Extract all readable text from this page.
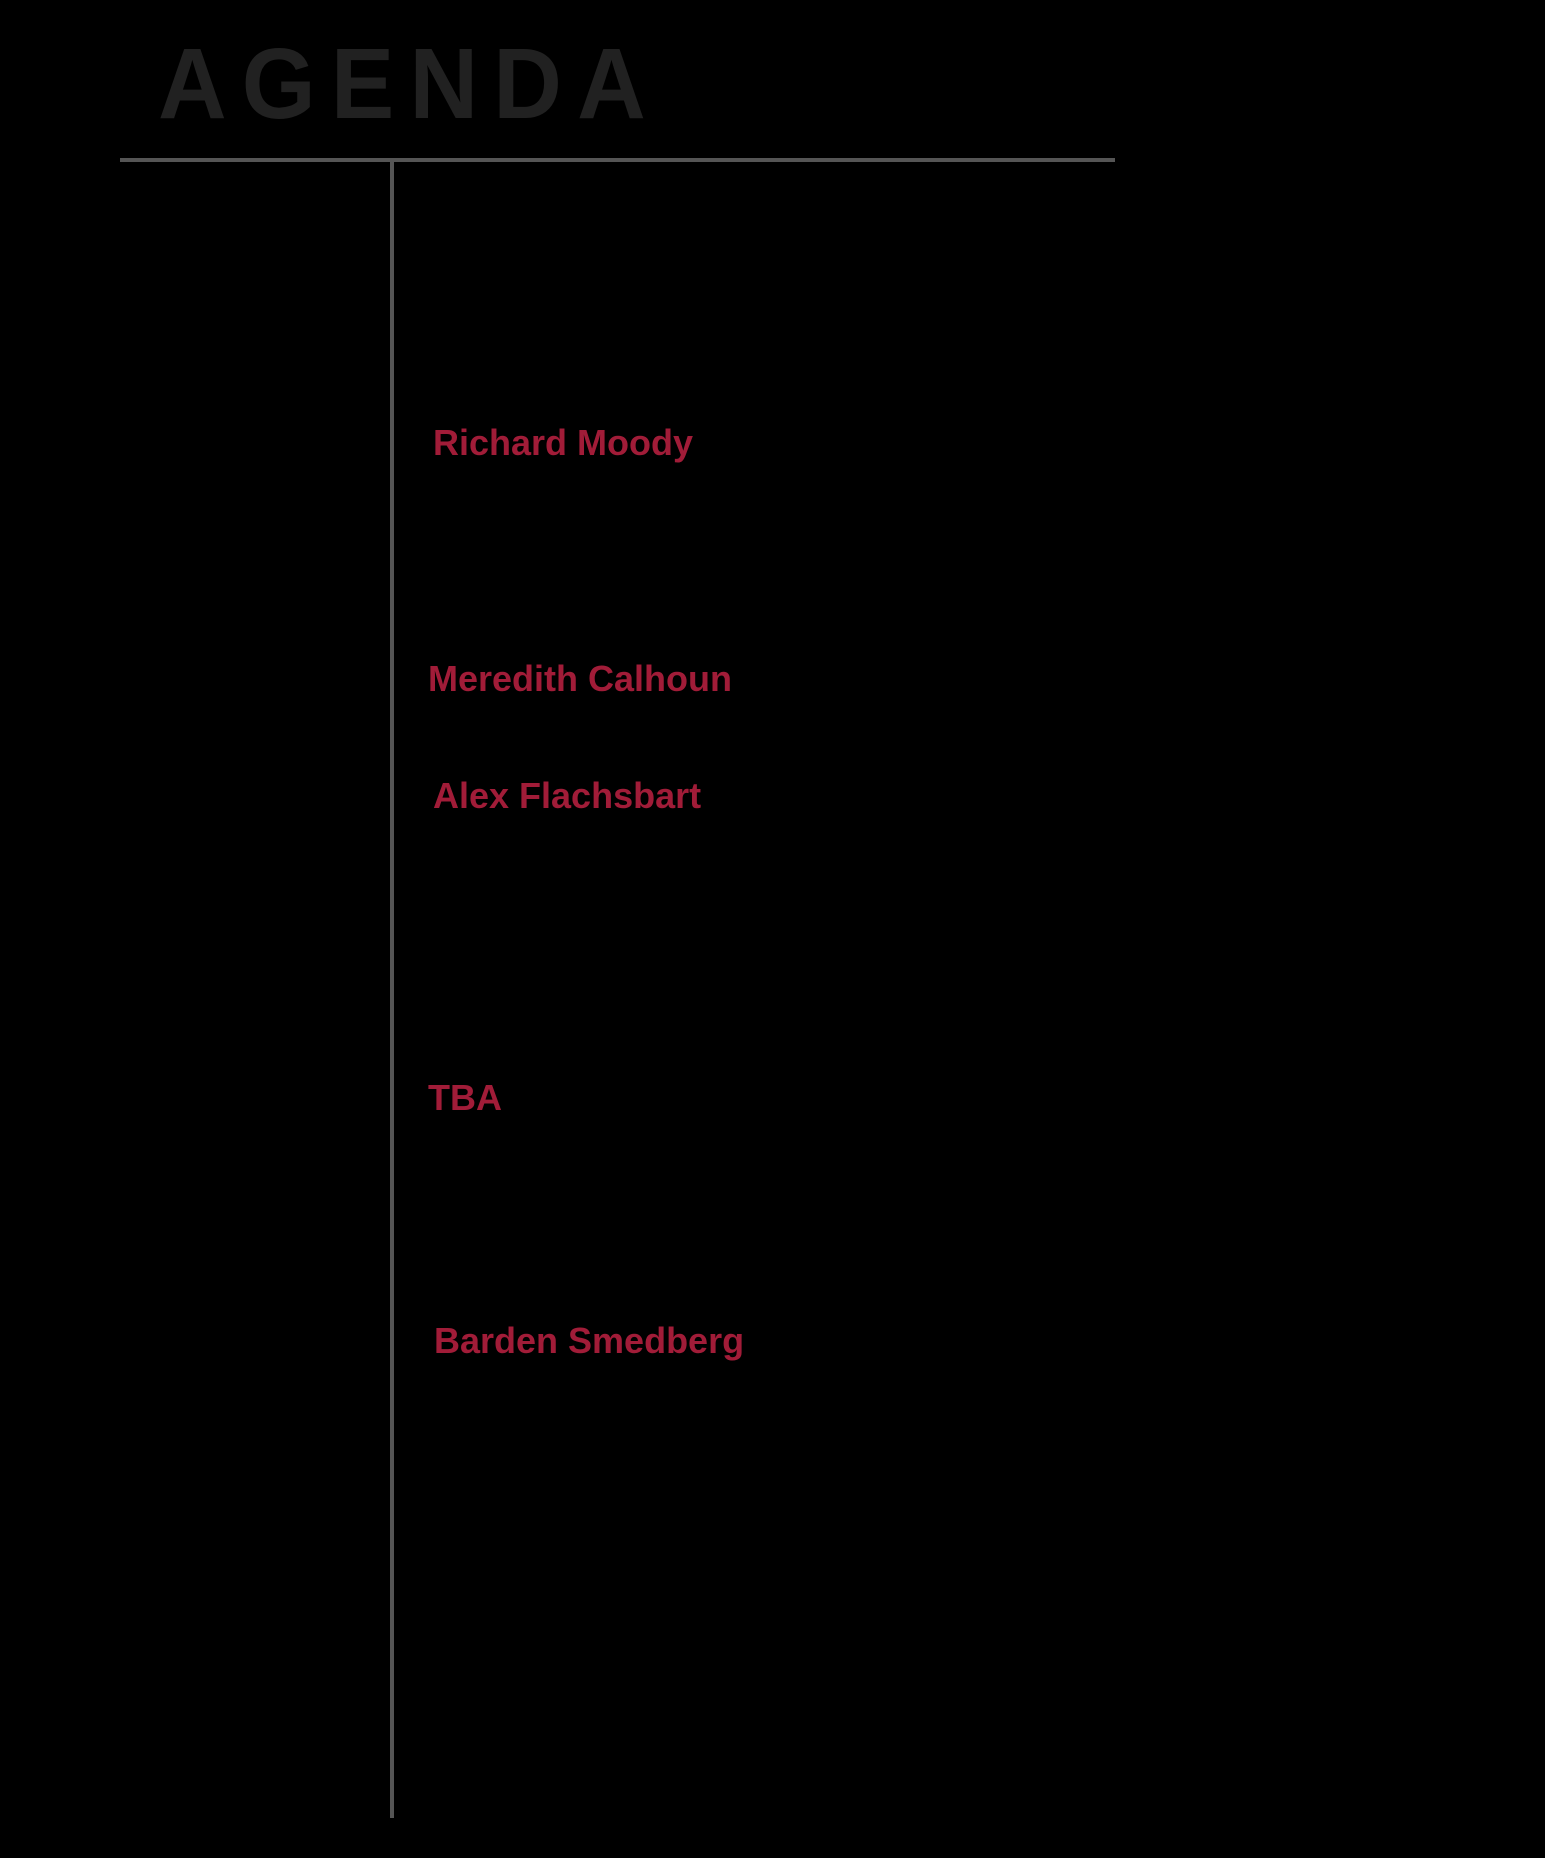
AGENDA

Richard Moody

Meredith Calhoun

Alex Flachsbart

TBA

Barden Smedberg
